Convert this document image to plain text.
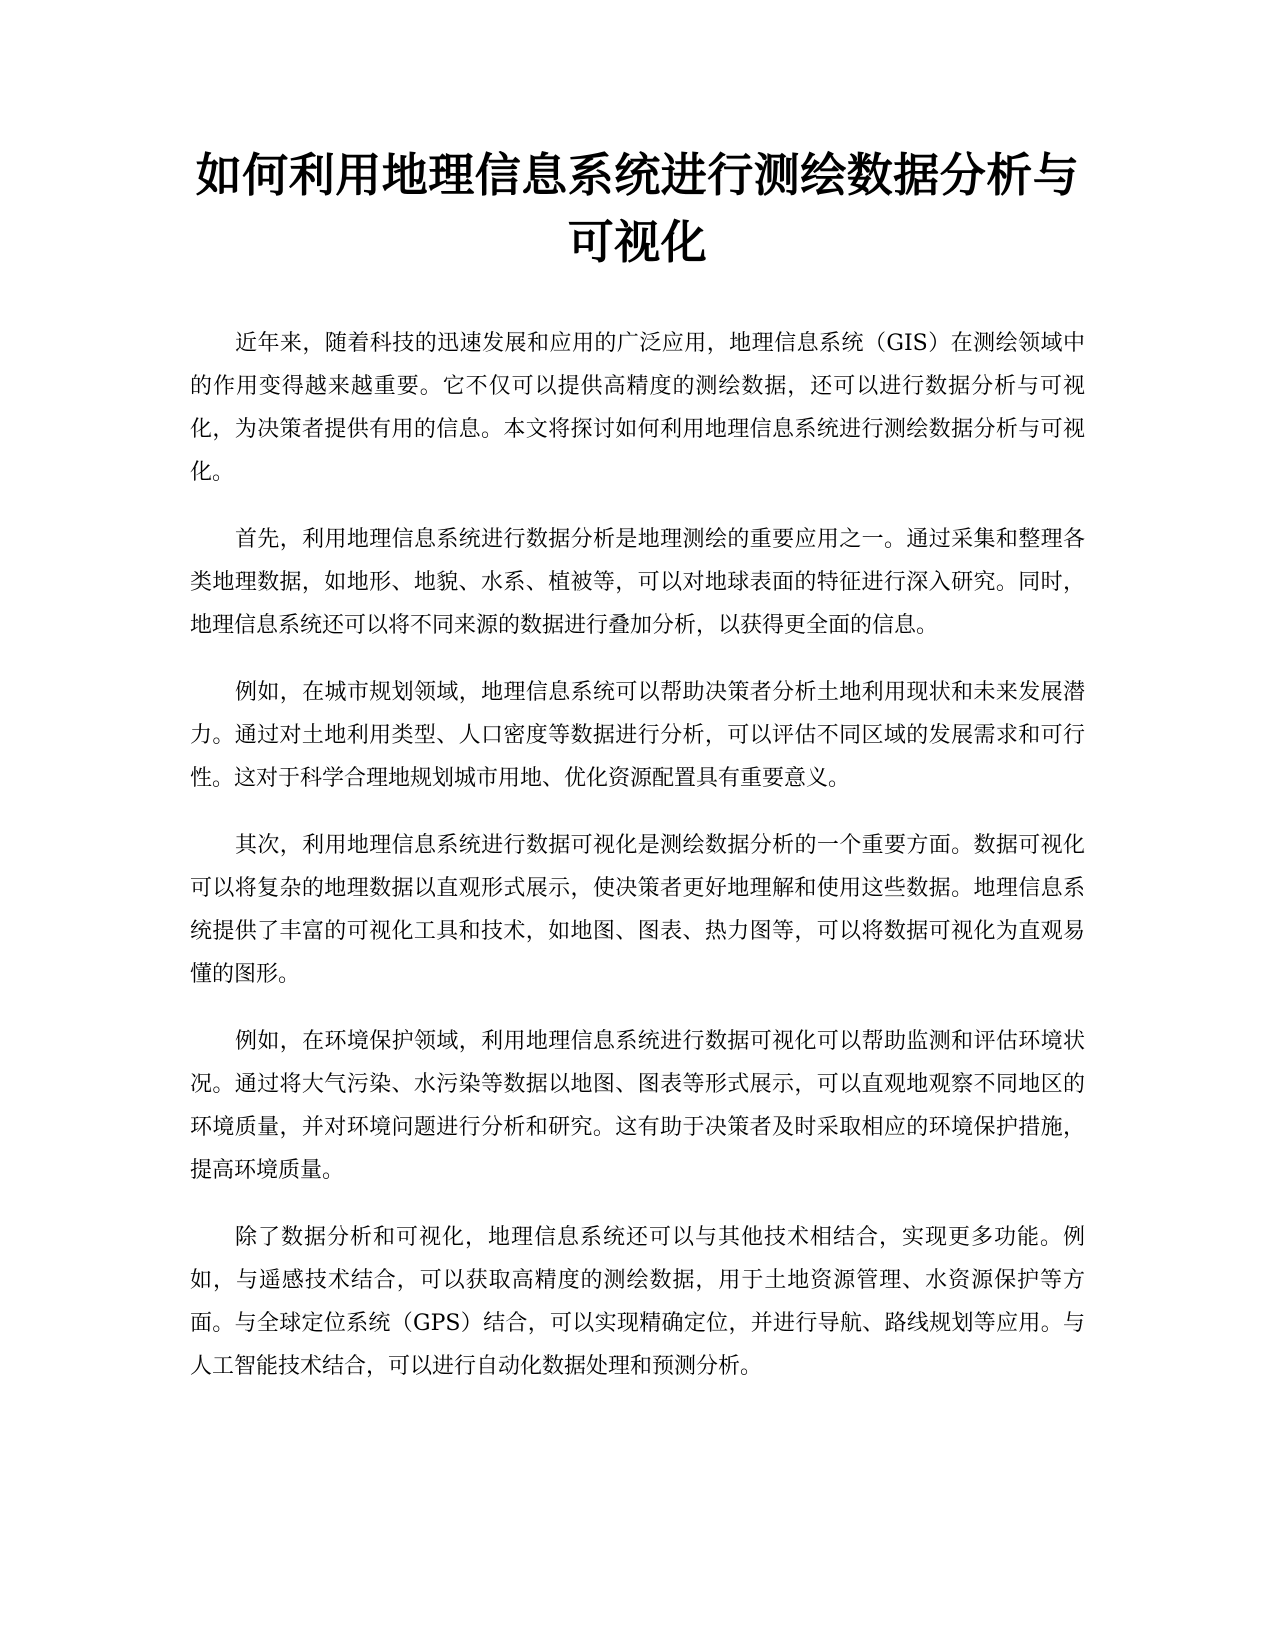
如何利用地理信息系统进行测绘数据分析与可视化

近年来，随着科技的迅速发展和应用的广泛应用，地理信息系统（GIS）在测绘领域中的作用变得越来越重要。它不仅可以提供高精度的测绘数据，还可以进行数据分析与可视化，为决策者提供有用的信息。本文将探讨如何利用地理信息系统进行测绘数据分析与可视化。

首先，利用地理信息系统进行数据分析是地理测绘的重要应用之一。通过采集和整理各类地理数据，如地形、地貌、水系、植被等，可以对地球表面的特征进行深入研究。同时，地理信息系统还可以将不同来源的数据进行叠加分析，以获得更全面的信息。

例如，在城市规划领域，地理信息系统可以帮助决策者分析土地利用现状和未来发展潜力。通过对土地利用类型、人口密度等数据进行分析，可以评估不同区域的发展需求和可行性。这对于科学合理地规划城市用地、优化资源配置具有重要意义。

其次，利用地理信息系统进行数据可视化是测绘数据分析的一个重要方面。数据可视化可以将复杂的地理数据以直观形式展示，使决策者更好地理解和使用这些数据。地理信息系统提供了丰富的可视化工具和技术，如地图、图表、热力图等，可以将数据可视化为直观易懂的图形。

例如，在环境保护领域，利用地理信息系统进行数据可视化可以帮助监测和评估环境状况。通过将大气污染、水污染等数据以地图、图表等形式展示，可以直观地观察不同地区的环境质量，并对环境问题进行分析和研究。这有助于决策者及时采取相应的环境保护措施，提高环境质量。

除了数据分析和可视化，地理信息系统还可以与其他技术相结合，实现更多功能。例如，与遥感技术结合，可以获取高精度的测绘数据，用于土地资源管理、水资源保护等方面。与全球定位系统（GPS）结合，可以实现精确定位，并进行导航、路线规划等应用。与人工智能技术结合，可以进行自动化数据处理和预测分析。
